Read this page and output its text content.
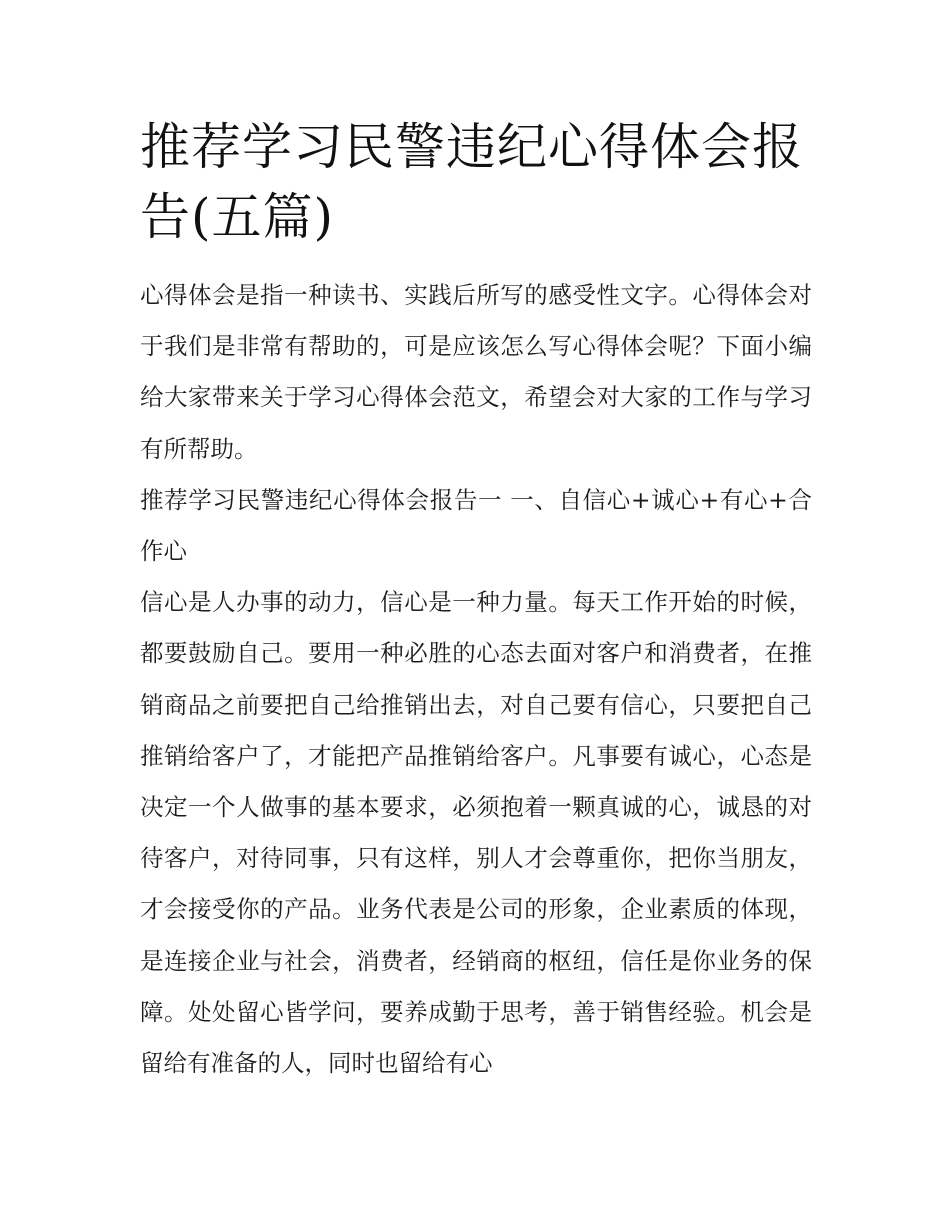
推荐学习民警违纪心得体会报告(五篇)

心得体会是指一种读书、实践后所写的感受性文字。心得体会对于我们是非常有帮助的，可是应该怎么写心得体会呢？下面小编给大家带来关于学习心得体会范文，希望会对大家的工作与学习有所帮助。

推荐学习民警违纪心得体会报告一 一、自信心+诚心+有心+合作心

信心是人办事的动力，信心是一种力量。每天工作开始的时候，都要鼓励自己。要用一种必胜的心态去面对客户和消费者，在推销商品之前要把自己给推销出去，对自己要有信心，只要把自己推销给客户了，才能把产品推销给客户。凡事要有诚心，心态是决定一个人做事的基本要求，必须抱着一颗真诚的心，诚恳的对待客户，对待同事，只有这样，别人才会尊重你，把你当朋友，才会接受你的产品。业务代表是公司的形象，企业素质的体现，是连接企业与社会，消费者，经销商的枢纽，信任是你业务的保障。处处留心皆学问，要养成勤于思考，善于销售经验。机会是留给有准备的人，同时也留给有心
